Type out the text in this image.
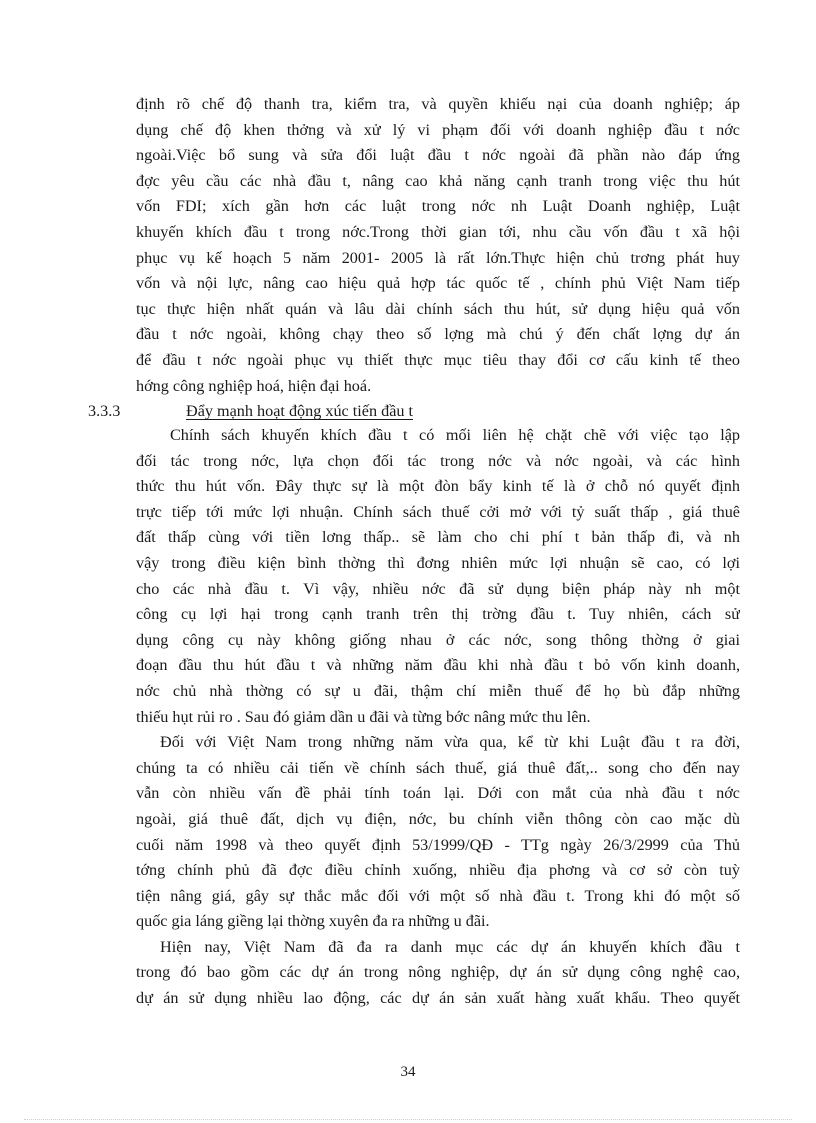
định rõ chế độ thanh tra, kiểm tra, và quyền khiếu nại của doanh nghiệp; áp
dụng chế độ khen thởng và xử lý vi phạm đối với doanh nghiệp đầu t nớc
ngoài.Việc bổ sung và sửa đổi luật đầu t nớc ngoài đã phần nào đáp ứng
đợc yêu cầu các nhà đầu t, nâng cao khả năng cạnh tranh trong việc thu hút
vốn FDI; xích gần hơn các luật trong nớc nh Luật Doanh nghiệp, Luật
khuyến khích đầu t trong nớc.Trong thời gian tới, nhu cầu vốn đầu t xã hội
phục vụ kế hoạch 5 năm 2001- 2005 là rất lớn.Thực hiện chủ trơng phát huy
vốn và nội lực, nâng cao hiệu quả hợp tác quốc tế , chính phủ Việt Nam tiếp
tục thực hiện nhất quán và lâu dài chính sách thu hút, sử dụng hiệu quả vốn
đầu t nớc ngoài, không chạy theo số lợng mà chú ý đến chất lợng dự án
để đầu t nớc ngoài phục vụ thiết thực mục tiêu thay đổi cơ cấu kinh tế theo
hớng công nghiệp hoá, hiện đại hoá.
3.3.3	Đẩy mạnh hoạt động xúc tiến đầu t
Chính sách khuyến khích đầu t có mối liên hệ chặt chẽ với việc tạo lập
đối tác trong nớc, lựa chọn đối tác trong nớc và nớc ngoài, và các hình
thức thu hút vốn. Đây thực sự là một đòn bẩy kinh tế là ở chỗ nó quyết định
trực tiếp tới mức lợi nhuận. Chính sách thuế cởi mở với tỷ suất thấp , giá thuê
đất thấp cùng với tiền lơng thấp.. sẽ làm cho chi phí t bản thấp đi, và nh
vậy trong điều kiện bình thờng thì đơng nhiên mức lợi nhuận sẽ cao, có lợi
cho các nhà đầu t. Vì vậy, nhiều nớc đã sử dụng biện pháp này nh một
công cụ lợi hại trong cạnh tranh trên thị trờng đầu t. Tuy nhiên, cách sử
dụng công cụ này không giống nhau ở các nớc, song thông thờng ở giai
đoạn đầu thu hút đầu t và những năm đầu khi nhà đầu t bỏ vốn kinh doanh,
nớc chủ nhà thờng có sự u đãi, thậm chí miễn thuế để họ bù đắp những
thiếu hụt rủi ro . Sau đó giảm dần u đãi và từng bớc nâng mức thu lên.
Đối với Việt Nam trong những năm vừa qua, kể từ khi Luật đầu t ra đời,
chúng ta có nhiều cải tiến về chính sách thuế, giá thuê đất,.. song cho đến nay
vẫn còn nhiều vấn đề phải tính toán lại. Dới con mắt của nhà đầu t nớc
ngoài, giá thuê đất, dịch vụ điện, nớc, bu chính viễn thông còn cao mặc dù
cuối năm 1998 và theo quyết định 53/1999/QĐ - TTg ngày 26/3/2999 của Thủ
tớng chính phủ đã đợc điều chỉnh xuống, nhiều địa phơng và cơ sở còn tuỳ
tiện nâng giá, gây sự thắc mắc đối với một số nhà đầu t. Trong khi đó một số
quốc gia láng giềng lại thờng xuyên đa ra những u đãi.
Hiện nay, Việt Nam đã đa ra danh mục các dự án khuyến khích đầu t
trong đó bao gồm các dự án trong nông nghiệp, dự án sử dụng công nghệ cao,
dự án sử dụng nhiều lao động, các dự án sản xuất hàng xuất khẩu. Theo quyết
34
